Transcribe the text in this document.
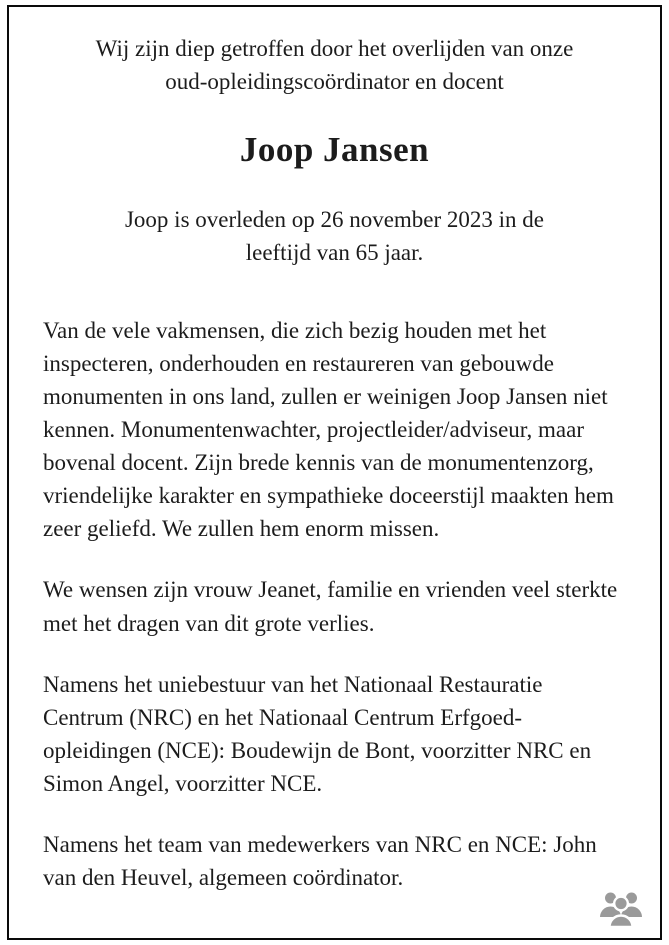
Wij zijn diep getroffen door het overlijden van onze oud-opleidingscoördinator en docent

Joop Jansen

Joop is overleden op 26 november 2023 in de leeftijd van 65 jaar.

Van de vele vakmensen, die zich bezig houden met het inspecteren, onderhouden en restaureren van gebouwde monumenten in ons land, zullen er weinigen Joop Jansen niet kennen. Monumentenwachter, projectleider/adviseur, maar bovenal docent. Zijn brede kennis van de monumentenzorg, vriendelijke karakter en sympathieke doceerstijl maakten hem zeer geliefd. We zullen hem enorm missen.

We wensen zijn vrouw Jeanet, familie en vrienden veel sterkte met het dragen van dit grote verlies.

Namens het uniebestuur van het Nationaal Restauratie Centrum (NRC) en het Nationaal Centrum Erfgoed-opleidingen (NCE): Boudewijn de Bont, voorzitter NRC en Simon Angel, voorzitter NCE.

Namens het team van medewerkers van NRC en NCE: John van den Heuvel, algemeen coördinator.
